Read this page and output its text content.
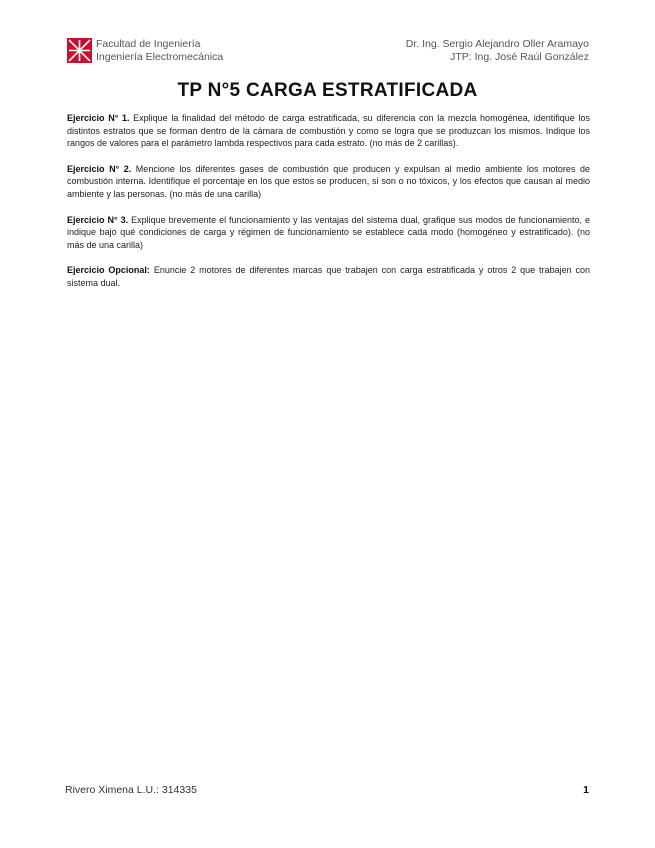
Facultad de Ingeniería
Ingeniería Electromecánica
Dr. Ing. Sergio Alejandro Oller Aramayo
JTP: Ing. José Raúl González
TP N°5 CARGA ESTRATIFICADA

Ejercicio N° 1. Explique la finalidad del método de carga estratificada, su diferencia con la mezcla homogénea, identifique los distintos estratos que se forman dentro de la cámara de combustión y como se logra que se produzcan los mismos. Indique los rangos de valores para el parámetro lambda respectivos para cada estrato. (no más de 2 carillas).

Ejercicio N° 2. Mencione los diferentes gases de combustión que producen y expulsan al medio ambiente los motores de combustión interna. Identifique el porcentaje en los que estos se producen, si son o no tóxicos, y los efectos que causan al medio ambiente y las personas. (no más de una carilla)

Ejercicio N° 3. Explique brevemente el funcionamiento y las ventajas del sistema dual, grafique sus modos de funcionamiento, e indique bajo qué condiciones de carga y régimen de funcionamiento se establece cada modo (homogéneo y estratificado). (no más de una carilla)

Ejercicio Opcional: Enuncie 2 motores de diferentes marcas que trabajen con carga estratificada y otros 2 que trabajen con sistema dual.

Rivero Ximena L.U.: 314335	1
